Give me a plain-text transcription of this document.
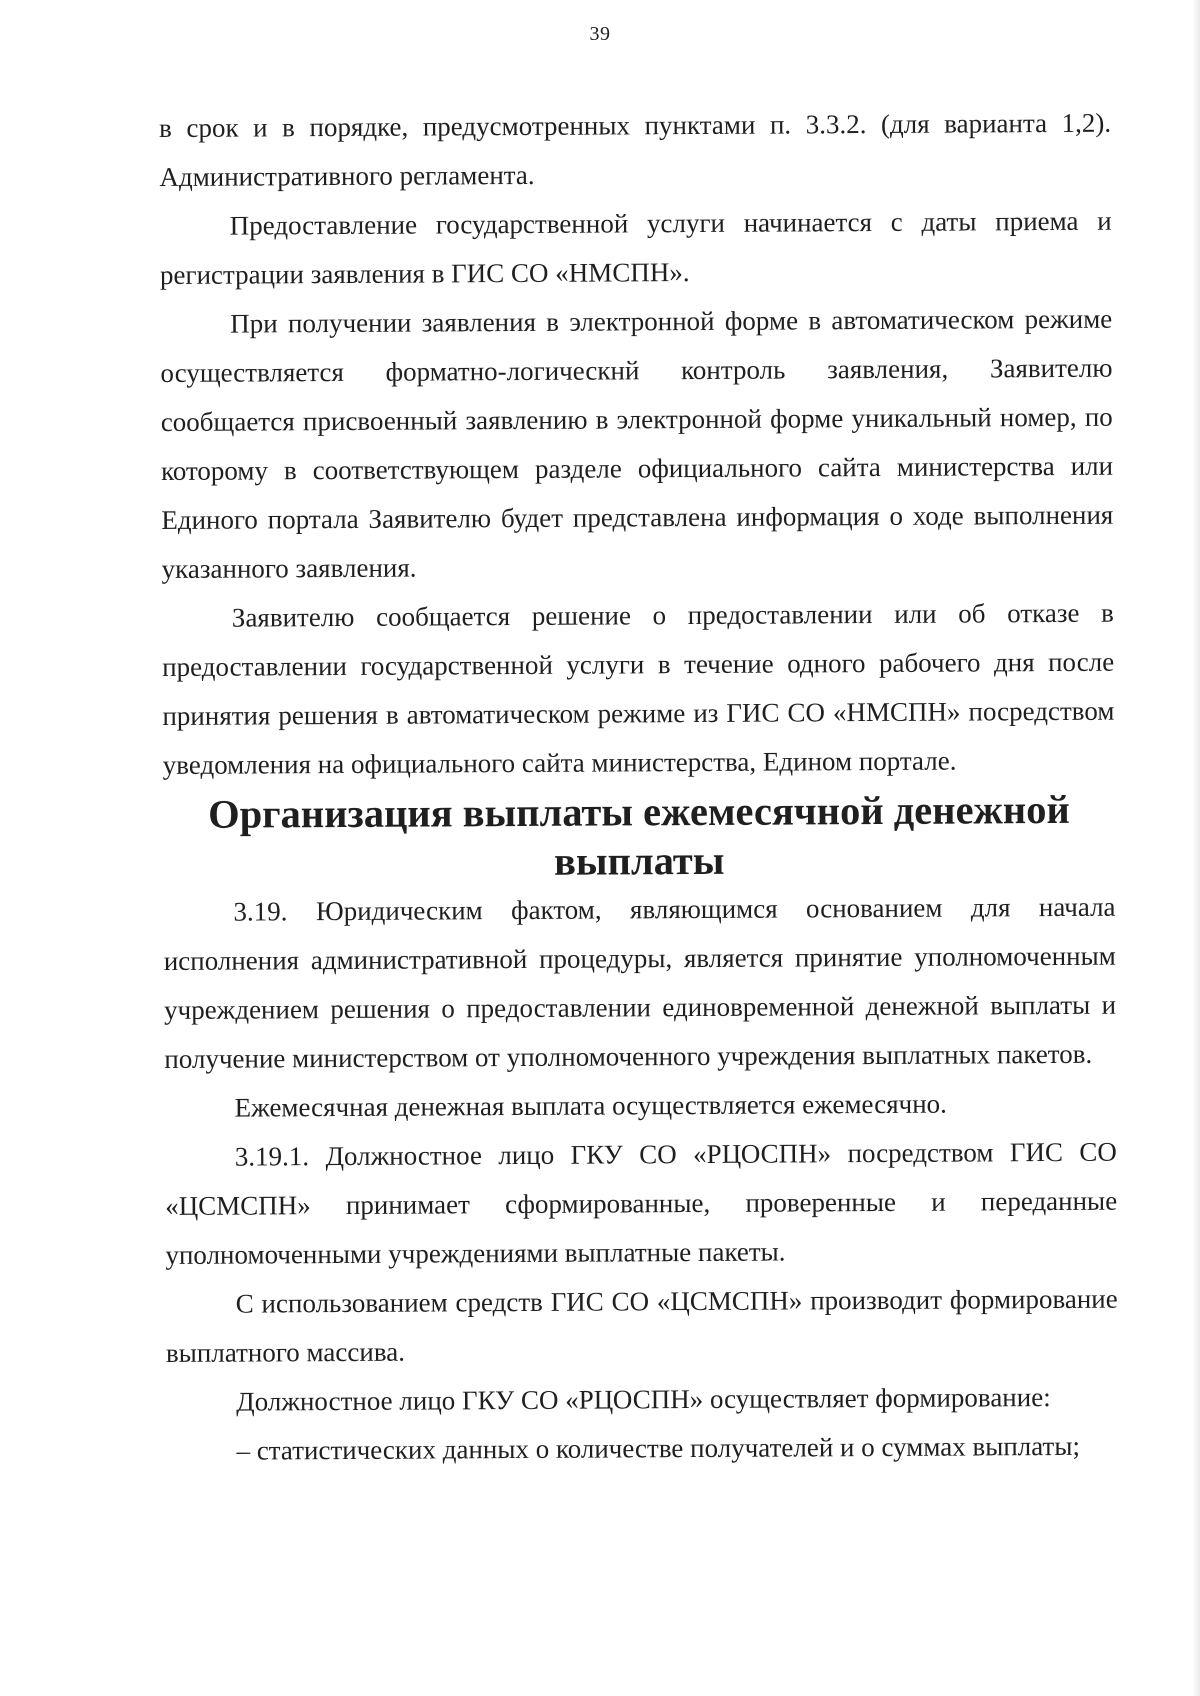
39

в срок и в порядке, предусмотренных пунктами п. 3.3.2. (для варианта 1,2). Административного регламента.

Предоставление государственной услуги начинается с даты приема и регистрации заявления в ГИС СО «НМСПН».

При получении заявления в электронной форме в автоматическом режиме осуществляется форматно-логическнй контроль заявления, Заявителю сообщается присвоенный заявлению в электронной форме уникальный номер, по которому в соответствующем разделе официального сайта министерства или Единого портала Заявителю будет представлена информация о ходе выполнения указанного заявления.

Заявителю сообщается решение о предоставлении или об отказе в предоставлении государственной услуги в течение одного рабочего дня после принятия решения в автоматическом режиме из ГИС СО «НМСПН» посредством уведомления на официального сайта министерства, Едином портале.

Организация выплаты ежемесячной денежной выплаты

3.19. Юридическим фактом, являющимся основанием для начала исполнения административной процедуры, является принятие уполномоченным учреждением решения о предоставлении единовременной денежной выплаты и получение министерством от уполномоченного учреждения выплатных пакетов.

Ежемесячная денежная выплата осуществляется ежемесячно.

3.19.1. Должностное лицо ГКУ СО «РЦОСПН» посредством ГИС СО «ЦСМСПН» принимает сформированные, проверенные и переданные уполномоченными учреждениями выплатные пакеты.

С использованием средств ГИС СО «ЦСМСПН» производит формирование выплатного массива.

Должностное лицо ГКУ СО «РЦОСПН» осуществляет формирование:

– статистических данных о количестве получателей и о суммах выплаты;
